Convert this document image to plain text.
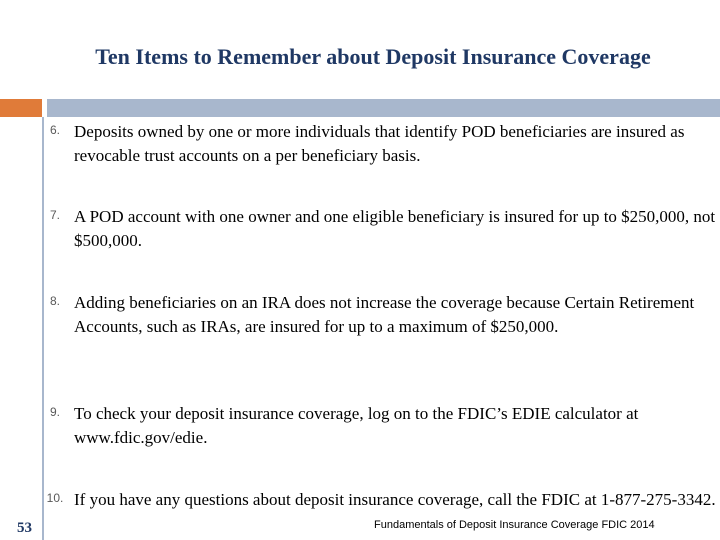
Ten Items to Remember about Deposit Insurance Coverage
6. Deposits owned by one or more individuals that identify POD beneficiaries are insured as revocable trust accounts on a per beneficiary basis.
7. A POD account with one owner and one eligible beneficiary is insured for up to $250,000, not $500,000.
8. Adding beneficiaries on an IRA does not increase the coverage because Certain Retirement Accounts, such as IRAs, are insured for up to a maximum of $250,000.
9. To check your deposit insurance coverage, log on to the FDIC’s EDIE calculator at www.fdic.gov/edie.
10. If you have any questions about deposit insurance coverage, call the FDIC at 1-877-275-3342.
53	Fundamentals of Deposit Insurance Coverage FDIC 2014
